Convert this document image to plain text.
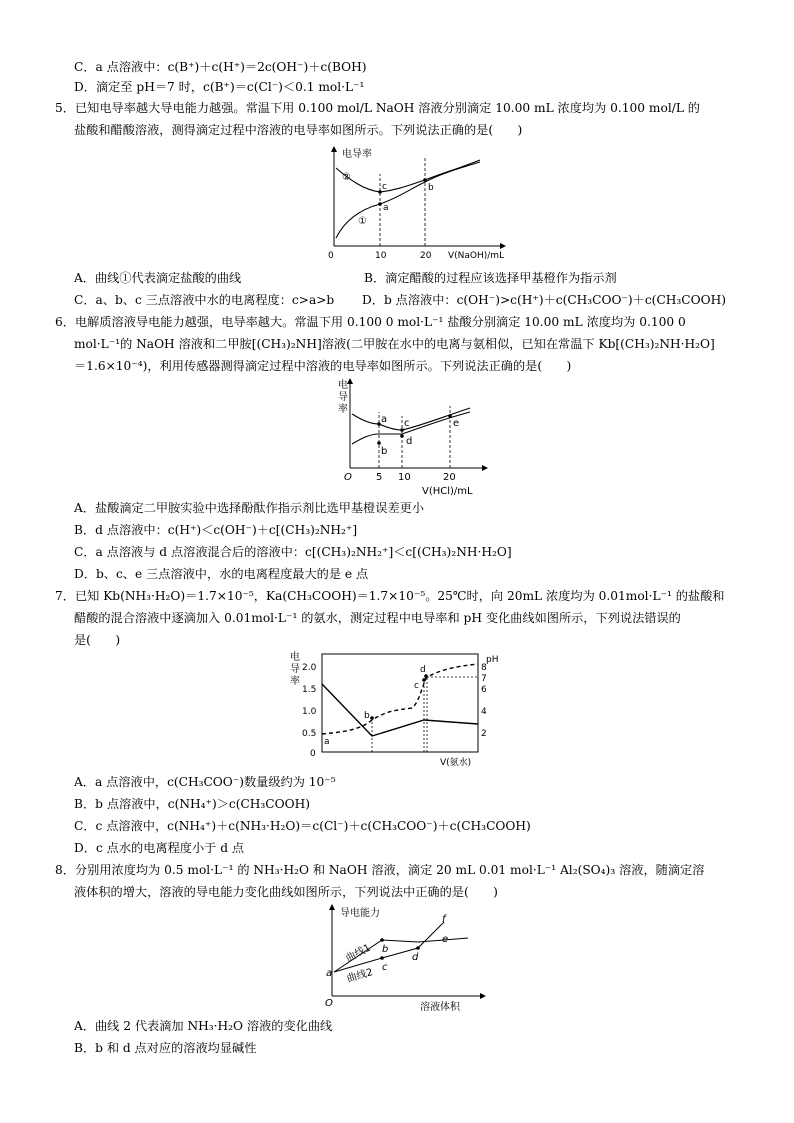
C．a 点溶液中：c(B⁺)＋c(H⁺)＝2c(OH⁻)＋c(BOH)
D．滴定至 pH＝7 时，c(B⁺)＝c(Cl⁻)＜0.1 mol·L⁻¹
5．已知电导率越大导电能力越强。常温下用 0.100 mol/L NaOH 溶液分别滴定 10.00 mL 浓度均为 0.100 mol/L 的
盐酸和醋酸溶液，测得滴定过程中溶液的电导率如图所示。下列说法正确的是(　　)
电导率
0	10	20 V(NaOH)/mL
c
a
b
②
①
A．曲线①代表滴定盐酸的曲线	B．滴定醋酸的过程应该选择甲基橙作为指示剂
C．a、b、c 三点溶液中水的电离程度：c>a>b D．b 点溶液中：c(OH⁻)>c(H⁺)＋c(CH₃COO⁻)＋c(CH₃COOH)
6．电解质溶液导电能力越强，电导率越大。常温下用 0.100 0 mol·L⁻¹ 盐酸分别滴定 10.00 mL 浓度均为 0.100 0
mol·L⁻¹的 NaOH 溶液和二甲胺[(CH₃)₂NH]溶液(二甲胺在水中的电离与氨相似，已知在常温下 Kb[(CH₃)₂NH·H₂O]
＝1.6×10⁻⁴)，利用传感器测得滴定过程中溶液的电导率如图所示。下列说法正确的是(　　)
电
导
率
O 5 10	20
V(HCl)/mL
a
b
c
d
e
A．盐酸滴定二甲胺实验中选择酚酞作指示剂比选甲基橙误差更小
B．d 点溶液中：c(H⁺)＜c(OH⁻)＋c[(CH₃)₂NH₂⁺]
C．a 点溶液与 d 点溶液混合后的溶液中：c[(CH₃)₂NH₂⁺]＜c[(CH₃)₂NH·H₂O]
D．b、c、e 三点溶液中，水的电离程度最大的是 e 点
7．已知 Kb(NH₃·H₂O)＝1.7×10⁻⁵，Ka(CH₃COOH)＝1.7×10⁻⁵。25℃时，向 20mL 浓度均为 0.01mol·L⁻¹ 的盐酸和
醋酸的混合溶液中逐滴加入 0.01mol·L⁻¹ 的氨水，测定过程中电导率和 pH 变化曲线如图所示，下列说法错误的
是(　　)
电
导
率
2.0
1.5
1.0
0.5
0
pH
8
7
6
4
2
a
b
c
d
V(氨水)
A．a 点溶液中，c(CH₃COO⁻)数量级约为 10⁻⁵
B．b 点溶液中，c(NH₄⁺)＞c(CH₃COOH)
C．c 点溶液中，c(NH₄⁺)＋c(NH₃·H₂O)＝c(Cl⁻)＋c(CH₃COO⁻)＋c(CH₃COOH)
D．c 点水的电离程度小于 d 点
8．分别用浓度均为 0.5 mol·L⁻¹ 的 NH₃·H₂O 和 NaOH 溶液，滴定 20 mL 0.01 mol·L⁻¹ Al₂(SO₄)₃ 溶液，随滴定溶
液体积的增大，溶液的导电能力变化曲线如图所示，下列说法中正确的是(　　)
导电能力
O	溶液体积
a
b
c
d
e
f
曲线1
曲线2
A．曲线 2 代表滴加 NH₃·H₂O 溶液的变化曲线
B．b 和 d 点对应的溶液均显碱性
